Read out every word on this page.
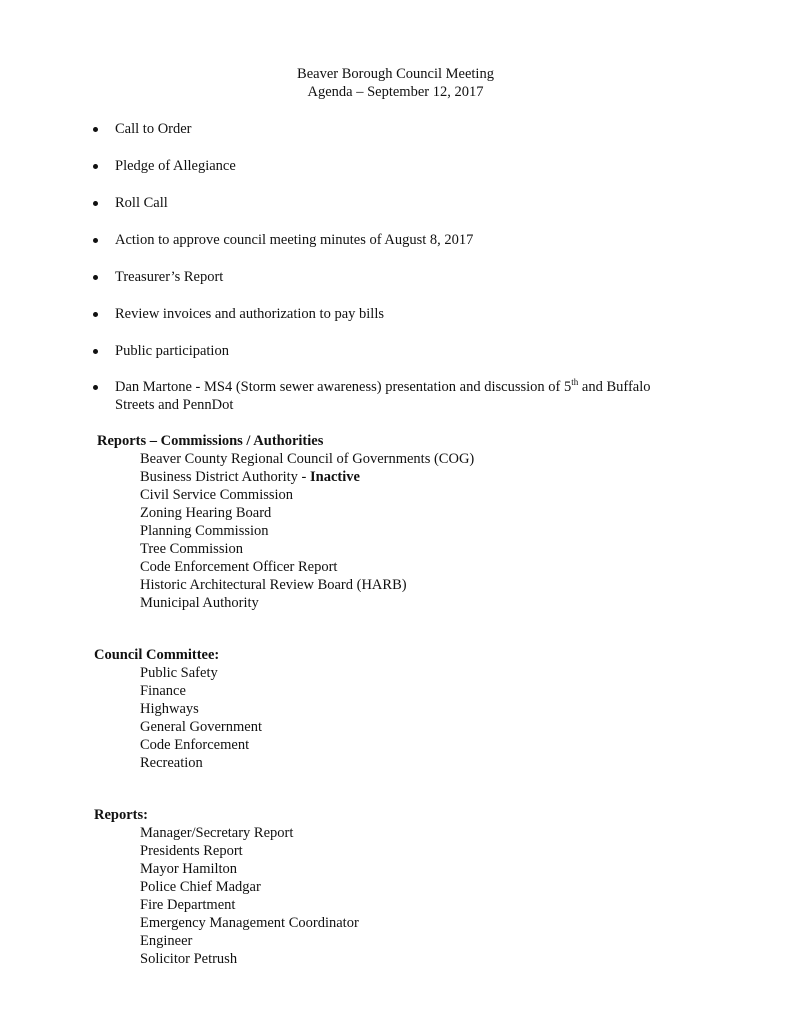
Beaver Borough Council Meeting
Agenda – September 12, 2017
Call to Order
Pledge of Allegiance
Roll Call
Action to approve council meeting minutes of August 8, 2017
Treasurer’s Report
Review invoices and authorization to pay bills
Public participation
Dan Martone - MS4 (Storm sewer awareness) presentation and discussion of 5th and Buffalo
Streets and PennDot
Reports – Commissions / Authorities
Beaver County Regional Council of Governments (COG)
Business District Authority - Inactive
Civil Service Commission
Zoning Hearing Board
Planning Commission
Tree Commission
Code Enforcement Officer Report
Historic Architectural Review Board (HARB)
Municipal Authority
Council Committee:
Public Safety
Finance
Highways
General Government
Code Enforcement
Recreation
Reports:
Manager/Secretary Report
Presidents Report
Mayor Hamilton
Police Chief Madgar
Fire Department
Emergency Management Coordinator
Engineer
Solicitor Petrush
